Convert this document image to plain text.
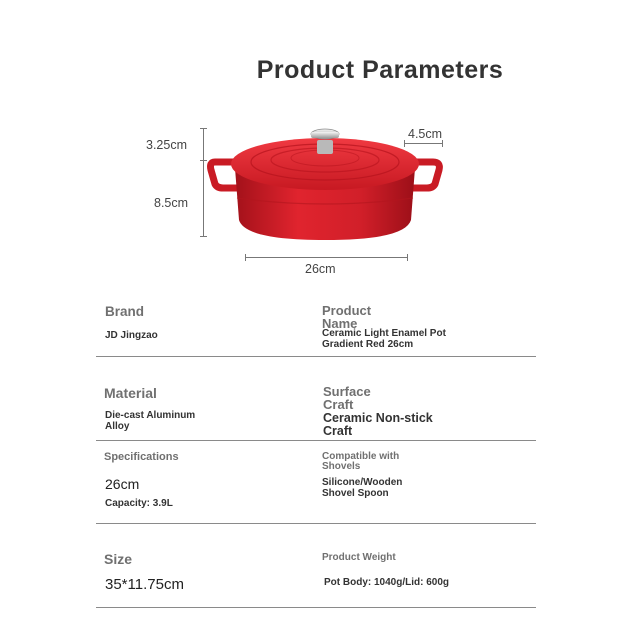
Product Parameters
3.25cm
8.5cm
4.5cm
26cm
Brand
JD Jingzao
Product
Name
Ceramic Light Enamel Pot
Gradient Red 26cm
Material
Die-cast Aluminum
Alloy
Surface
Craft
Ceramic Non-stick
Craft
Specifications
26cm
Capacity: 3.9L
Compatible with
Shovels
Silicone/Wooden
Shovel Spoon
Size
35*11.75cm
Product Weight
Pot Body: 1040g/Lid: 600g
